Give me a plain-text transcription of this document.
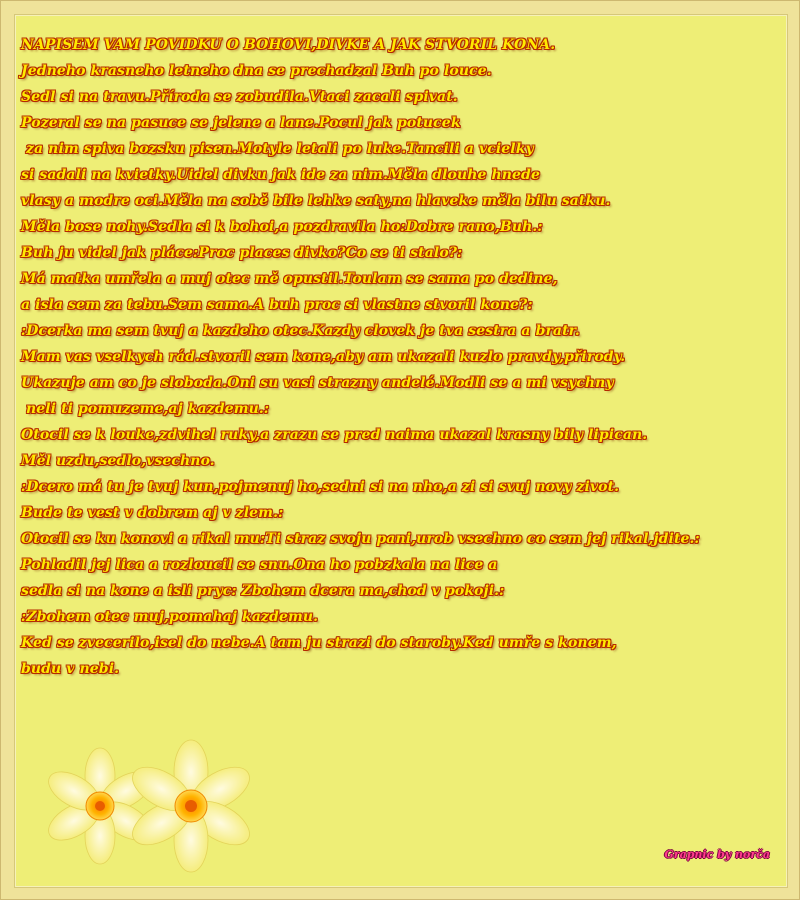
NAPISEM VAM POVIDKU O BOHOVI,DIVKE A JAK STVORIL KONA.
Jedneho krasneho letneho dna se prechadzal Buh po louce.
Sedl si na travu.Příroda se zobudila.Vtaci zacali spivat.
Pozeral se na pasuce se jelene a lane.Pocul jak potucek
za nim spiva bozsku pisen.Motyle letali po luke.Tancili a vcielky
si sadali na kvietky.Uidel divku jak ide za nim.Měla dlouhe hnede
vlasy a modre oci.Měla na sobě bile lehke saty,na hlaveke měla bilu satku.
Měla bose nohy.Sedla si k bohoi,a pozdravila ho:Dobre rano,Buh.:
Buh ju videl jak pláce:Proc places divko?Co se ti stalo?:
Má matka umřela a muj otec mě opustil.Toulam se sama po dedine,
a isla sem za tebu.Sem sama.A buh proc si vlastne stvoril kone?:
:Dcerka ma sem tvuj a kazdeho otec.Kazdy clovek je tva sestra a bratr.
Mam vas vselkych rád.stvoril sem kone,aby am ukazali kuzlo pravdy,přirody.
Ukazuje am co je sloboda.Oni su vasi strazny andelé.Modli se a mi vsychny
neli ti pomuzeme,aj kazdemu.:
Otocil se k louke,zdvihel ruky,a zrazu se pred naima ukazal krasny bily lipican.
Měl uzdu,sedlo,vsechno.
:Dcero má tu je tvuj kun,pojmenuj ho,sedni si na nho,a zi si svuj novy zivot.
Bude te vest v dobrem aj v zlem.:
Otocil se ku konovi a rikal mu:Ti straz svoju pani,urob vsechno co sem jej rikal,jdite.:
Pohladil jej lica a rozloucil se snu.Ona ho pobzkala na lice a
sedla si na kone a isli pryc: Zbohem dcera ma,chod v pokoji.:
:Zbohem otec muj,pomahaj kazdemu.
Ked se zvecerilo,isel do nebe.A tam ju strazi do staroby.Ked umře s konem,
budu v nebi.
Grapnic by norča
